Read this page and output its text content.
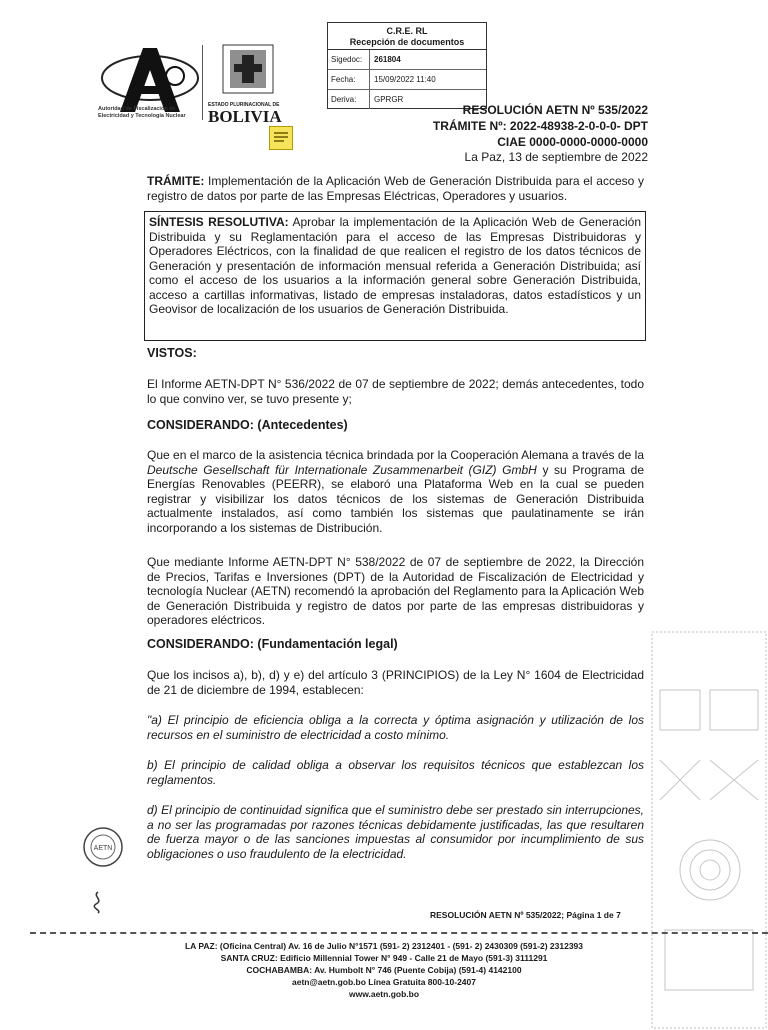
Autoridad de Fiscalización de
Electricidad y Tecnología Nuclear
ESTADO PLURINACIONAL DE
BOLIVIA
C.R.E. RL
Recepción de documentos
Sigedoc:	261804
Fecha:	15/09/2022 11:40
Deriva:	GPRGR
RESOLUCIÓN AETN Nº 535/2022
TRÁMITE Nº: 2022-48938-2-0-0-0- DPT
CIAE 0000-0000-0000-0000
La Paz, 13 de septiembre de 2022
TRÁMITE: Implementación de la Aplicación Web de Generación Distribuida para el acceso y registro de datos por parte de las Empresas Eléctricas, Operadores y usuarios.
SÍNTESIS RESOLUTIVA: Aprobar la implementación de la Aplicación Web de Generación Distribuida y su Reglamentación para el acceso de las Empresas Distribuidoras y Operadores Eléctricos, con la finalidad de que realicen el registro de los datos técnicos de Generación y presentación de información mensual referida a Generación Distribuida; así como el acceso de los usuarios a la información general sobre Generación Distribuida, acceso a cartillas informativas, listado de empresas instaladoras, datos estadísticos y un Geovisor de localización de los usuarios de Generación Distribuida.
VISTOS:
El Informe AETN-DPT N° 536/2022 de 07 de septiembre de 2022; demás antecedentes, todo lo que convino ver, se tuvo presente y;
CONSIDERANDO: (Antecedentes)
Que en el marco de la asistencia técnica brindada por la Cooperación Alemana a través de la Deutsche Gesellschaft für Internationale Zusammenarbeit (GIZ) GmbH y su Programa de Energías Renovables (PEERR), se elaboró una Plataforma Web en la cual se pueden registrar y visibilizar los datos técnicos de los sistemas de Generación Distribuida actualmente instalados, así como también los sistemas que paulatinamente se irán incorporando a los sistemas de Distribución.
Que mediante Informe AETN-DPT N° 538/2022 de 07 de septiembre de 2022, la Dirección de Precios, Tarifas e Inversiones (DPT) de la Autoridad de Fiscalización de Electricidad y tecnología Nuclear (AETN) recomendó la aprobación del Reglamento para la Aplicación Web de Generación Distribuida y registro de datos por parte de las empresas distribuidoras y operadores eléctricos.
CONSIDERANDO: (Fundamentación legal)
Que los incisos a), b), d) y e) del artículo 3 (PRINCIPIOS) de la Ley N° 1604 de Electricidad de 21 de diciembre de 1994, establecen:
"a) El principio de eficiencia obliga a la correcta y óptima asignación y utilización de los recursos en el suministro de electricidad a costo mínimo.
b) El principio de calidad obliga a observar los requisitos técnicos que establezcan los reglamentos.
d) El principio de continuidad significa que el suministro debe ser prestado sin interrupciones, a no ser las programadas por razones técnicas debidamente justificadas, las que resultaren de fuerza mayor o de las sanciones impuestas al consumidor por incumplimiento de sus obligaciones o uso fraudulento de la electricidad.
AETN
RESOLUCIÓN AETN Nº 535/2022; Página 1 de 7
LA PAZ: (Oficina Central) Av. 16 de Julio N°1571 (591- 2) 2312401 - (591- 2) 2430309 (591-2) 2312393
SANTA CRUZ: Edificio Millennial Tower N° 949 - Calle 21 de Mayo (591-3) 3111291
COCHABAMBA: Av. Humbolt N° 746 (Puente Cobija) (591-4) 4142100
aetn@aetn.gob.bo Línea Gratuita 800-10-2407
www.aetn.gob.bo
